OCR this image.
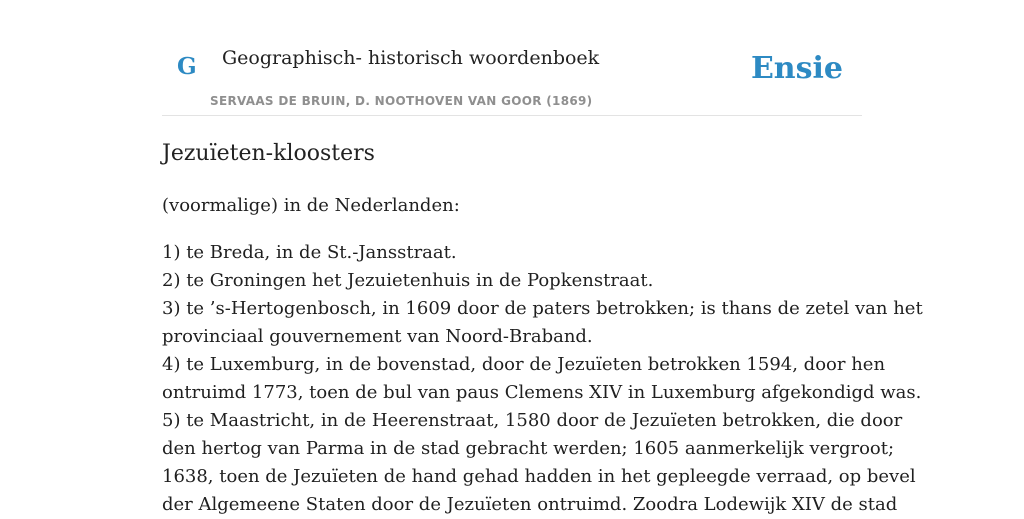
G Geographisch- historisch woordenboek
SERVAAS DE BRUIN, D. NOOTHOVEN VAN GOOR (1869)
Ensie
Jezuïeten-kloosters

(voormalige) in de Nederlanden:

1) te Breda, in de St.-Jansstraat.
2) te Groningen het Jezuietenhuis in de Popkenstraat.
3) te ’s-Hertogenbosch, in 1609 door de paters betrokken; is thans de zetel van het
provinciaal gouvernement van Noord-Braband.
4) te Luxemburg, in de bovenstad, door de Jezuïeten betrokken 1594, door hen
ontruimd 1773, toen de bul van paus Clemens XIV in Luxemburg afgekondigd was.
5) te Maastricht, in de Heerenstraat, 1580 door de Jezuïeten betrokken, die door
den hertog van Parma in de stad gebracht werden; 1605 aanmerkelijk vergroot;
1638, toen de Jezuïeten de hand gehad hadden in het gepleegde verraad, op bevel
der Algemeene Staten door de Jezuïeten ontruimd. Zoodra Lodewijk XIV de stad
